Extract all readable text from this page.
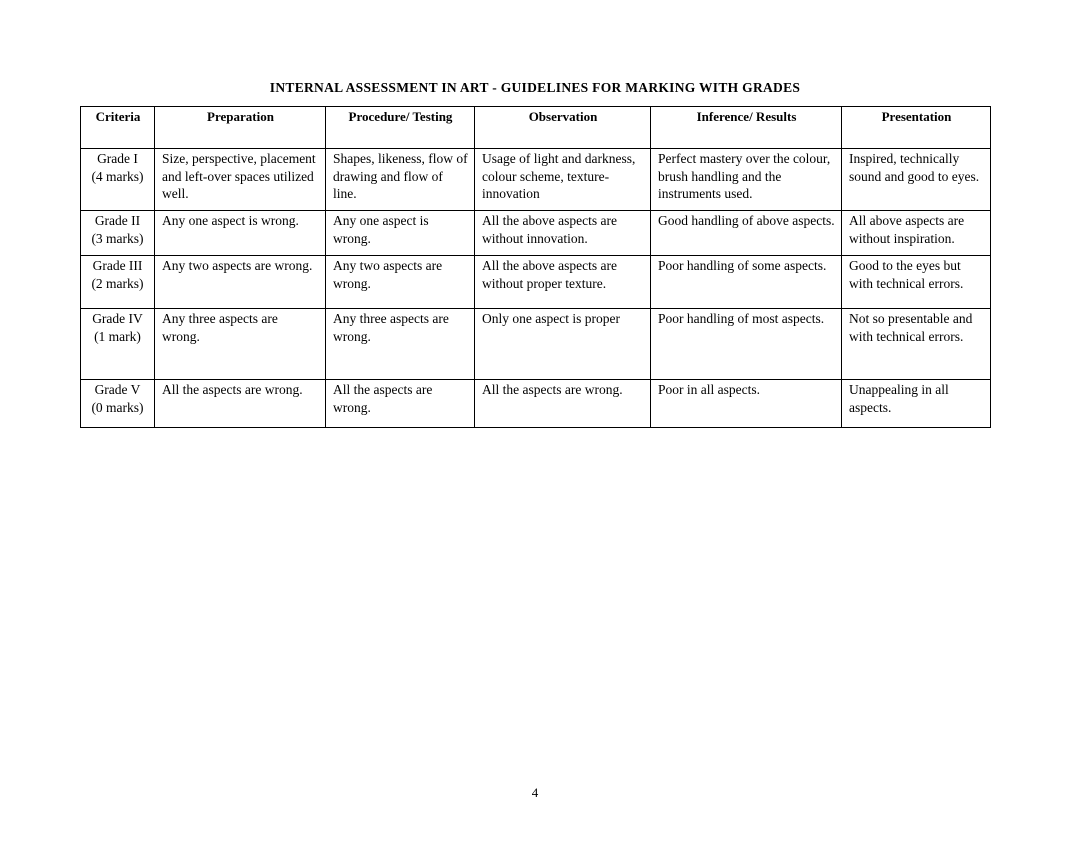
INTERNAL ASSESSMENT IN ART - GUIDELINES FOR MARKING WITH GRADES
Criteria	Preparation	Procedure/ Testing	Observation	Inference/ Results	Presentation

Grade I
(4 marks)	Size, perspective, placement and left-over spaces utilized well.	Shapes, likeness, flow of drawing and flow of line.	Usage of light and darkness, colour scheme, texture-innovation	Perfect mastery over the colour, brush handling and the instruments used.	Inspired, technically sound and good to eyes.

Grade II
(3 marks)	Any one aspect is wrong.	Any one aspect is wrong.	All the above aspects are without innovation.	Good handling of above aspects.	All above aspects are without inspiration.

Grade III
(2 marks)	Any two aspects are wrong.	Any two aspects are wrong.	All the above aspects are without proper texture.	Poor handling of some aspects.	Good to the eyes but with technical errors.

Grade IV
(1 mark)	Any three aspects are wrong.	Any three aspects are wrong.	Only one aspect is proper	Poor handling of most aspects.	Not so presentable and with technical errors.

Grade V
(0 marks)	All the aspects are wrong.	All the aspects are wrong.	All the aspects are wrong.	Poor in all aspects.	Unappealing in all aspects.
4
